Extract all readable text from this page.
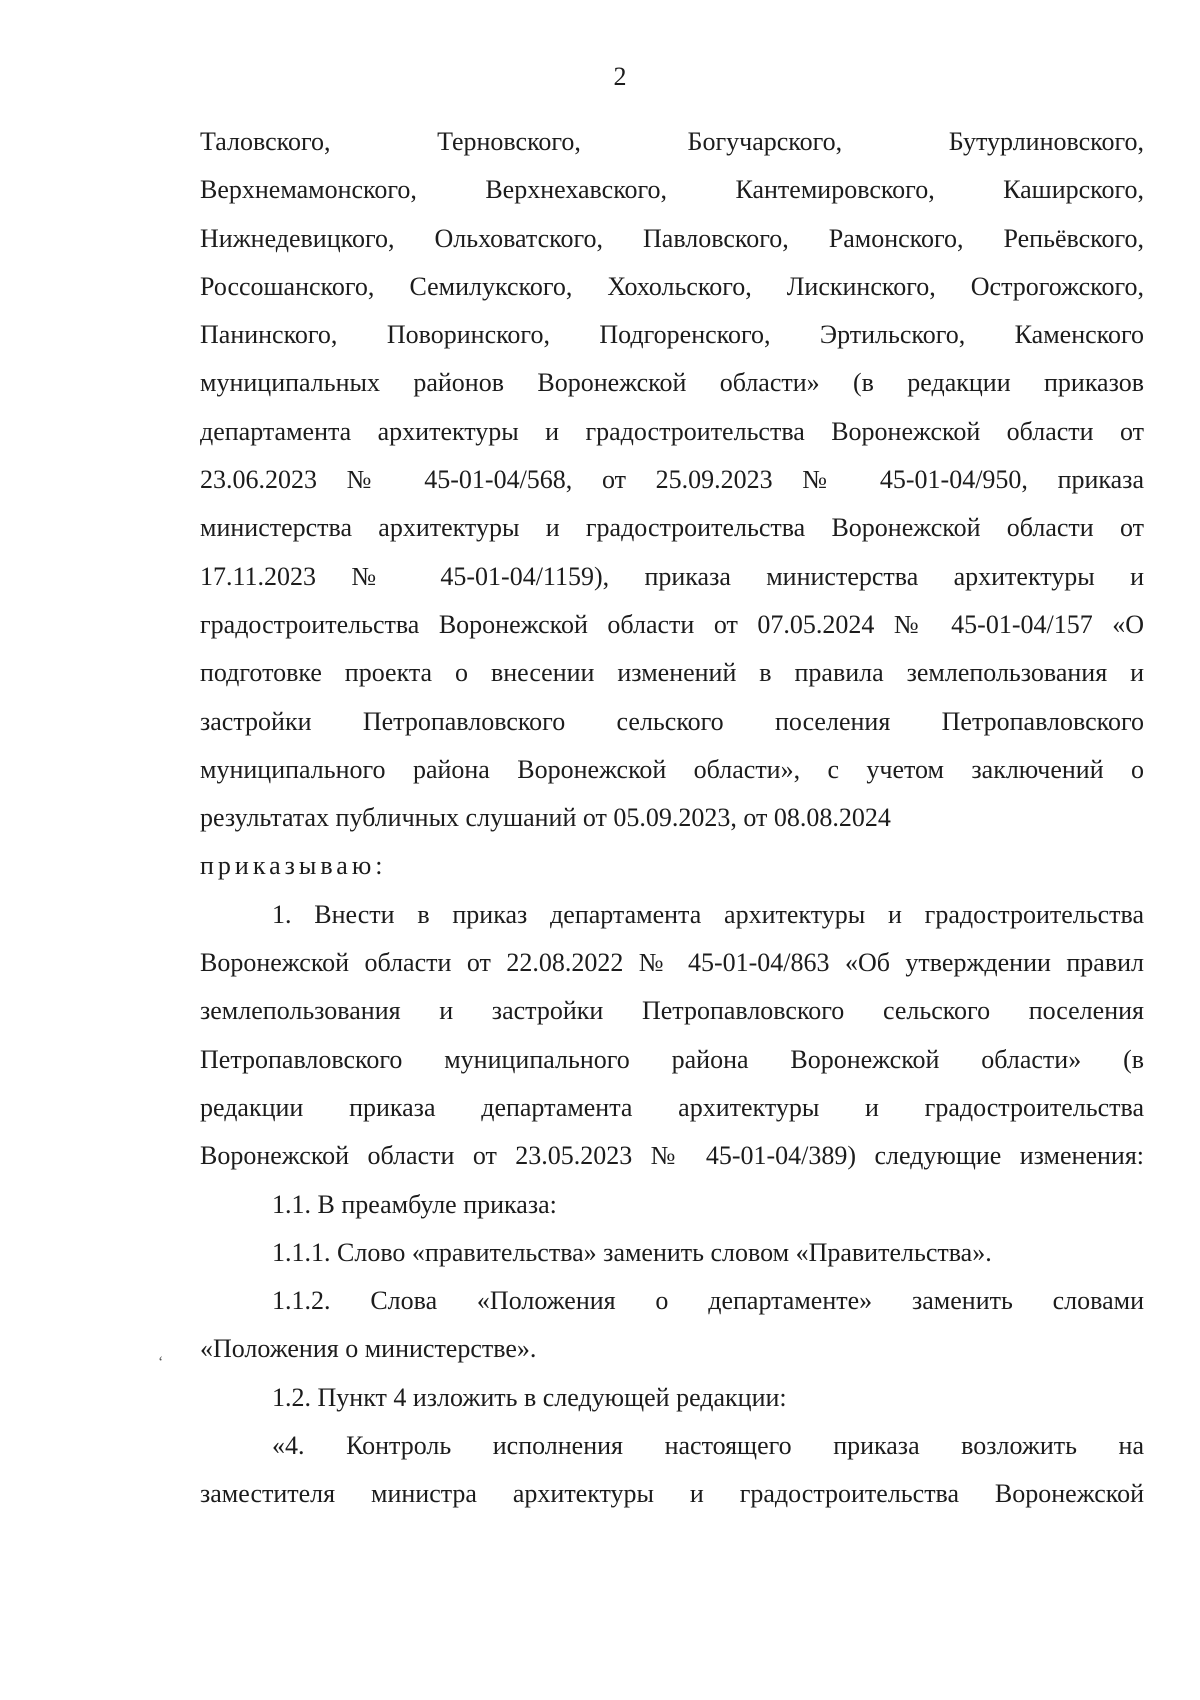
2
ʻ
Таловского, Терновского, Богучарского, Бутурлиновского,
Верхнемамонского, Верхнехавского, Кантемировского, Каширского,
Нижнедевицкого, Ольховатского, Павловского, Рамонского, Репьёвского,
Россошанского, Семилукского, Хохольского, Лискинского, Острогожского,
Панинского, Поворинского, Подгоренского, Эртильского, Каменского
муниципальных районов Воронежской области» (в редакции приказов
департамента архитектуры и градостроительства Воронежской области от
23.06.2023 № 45-01-04/568, от 25.09.2023 № 45-01-04/950, приказа
министерства архитектуры и градостроительства Воронежской области от
17.11.2023 № 45-01-04/1159), приказа министерства архитектуры и
градостроительства Воронежской области от 07.05.2024 № 45-01-04/157 «О
подготовке проекта о внесении изменений в правила землепользования и
застройки Петропавловского сельского поселения Петропавловского
муниципального района Воронежской области», с учетом заключений о
результатах публичных слушаний от 05.09.2023, от 08.08.2024
приказываю:
1. Внести в приказ департамента архитектуры и градостроительства
Воронежской области от 22.08.2022 № 45-01-04/863 «Об утверждении правил
землепользования и застройки Петропавловского сельского поселения
Петропавловского муниципального района Воронежской области» (в
редакции приказа департамента архитектуры и градостроительства
Воронежской области от 23.05.2023 № 45-01-04/389) следующие изменения:
1.1. В преамбуле приказа:
1.1.1. Слово «правительства» заменить словом «Правительства».
1.1.2. Слова «Положения о департаменте» заменить словами
«Положения о министерстве».
1.2. Пункт 4 изложить в следующей редакции:
«4. Контроль исполнения настоящего приказа возложить на
заместителя министра архитектуры и градостроительства Воронежской
